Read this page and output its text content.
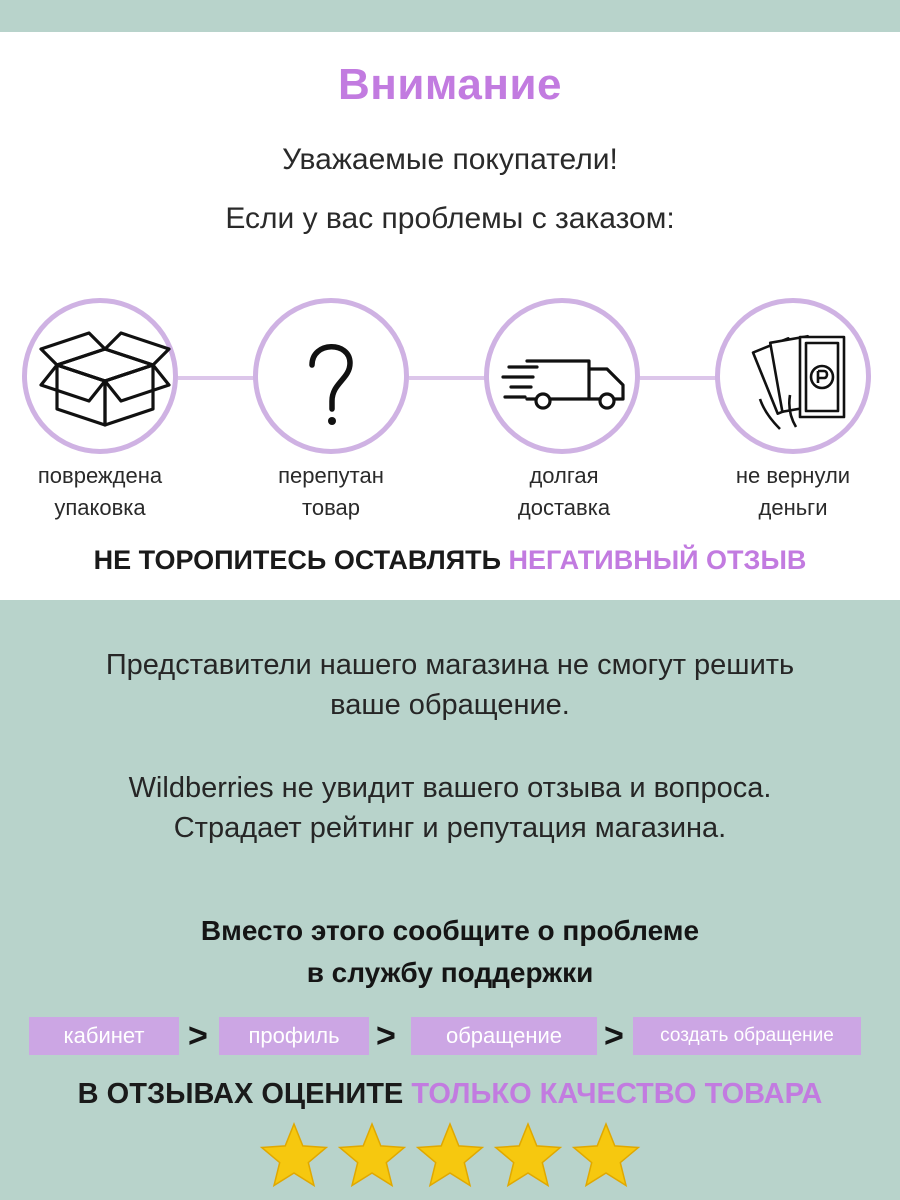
Внимание
Уважаемые покупатели!
Если у вас проблемы с заказом:
повреждена
упаковка
перепутан
товар
долгая
доставка
не вернули
деньги
НЕ ТОРОПИТЕСЬ ОСТАВЛЯТЬ НЕГАТИВНЫЙ ОТЗЫВ
Представители нашего магазина не смогут решить
ваше обращение.
Wildberries не увидит вашего отзыва и вопроса.
Страдает рейтинг и репутация магазина.
Вместо этого сообщите о проблеме
в службу поддержки
кабинет	>	профиль	>	обращение	>	создать обращение
В ОТЗЫВАХ ОЦЕНИТЕ ТОЛЬКО КАЧЕСТВО ТОВАРА
